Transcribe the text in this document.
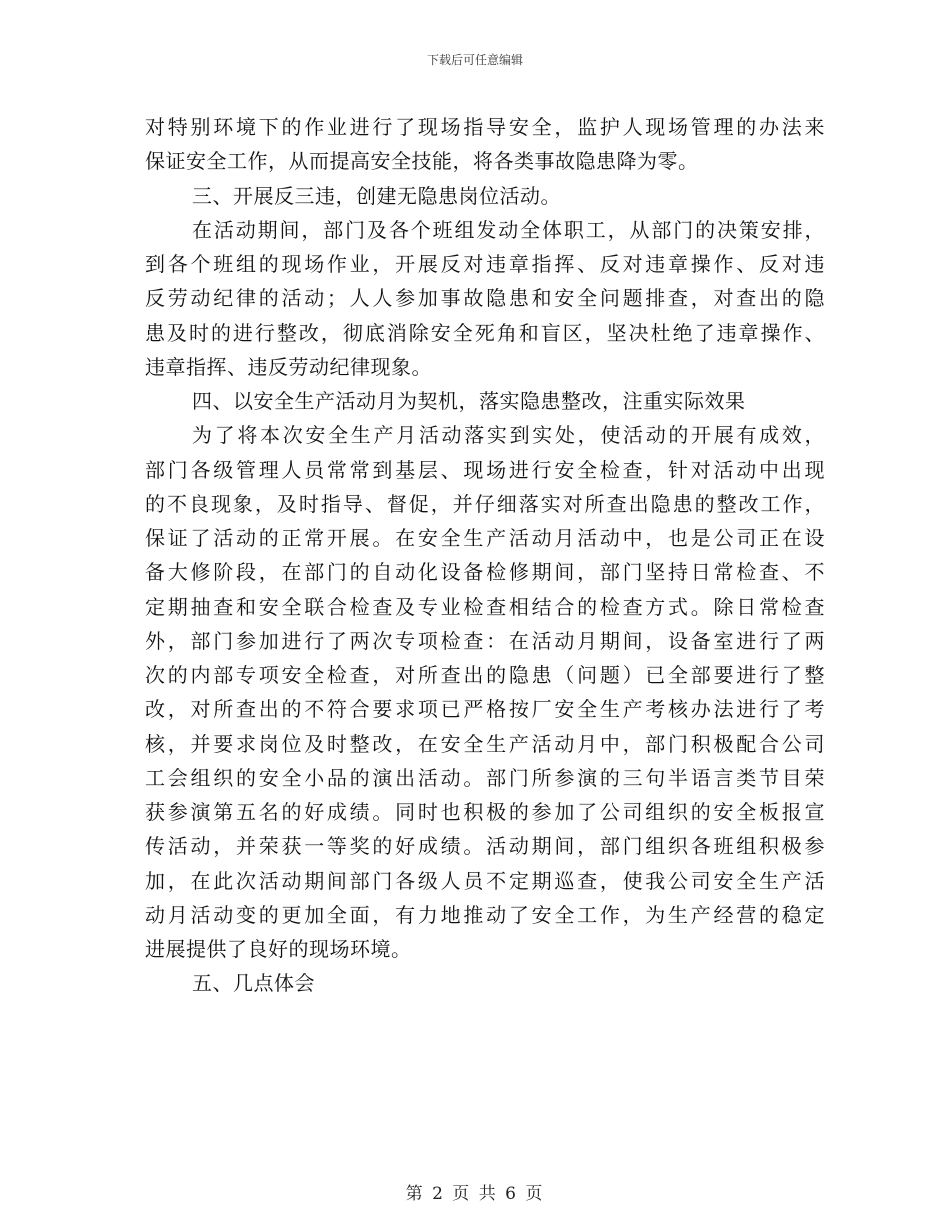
下载后可任意编辑
对特别环境下的作业进行了现场指导安全，监护人现场管理的办法来
保证安全工作，从而提高安全技能，将各类事故隐患降为零。
三、开展反三违，创建无隐患岗位活动。
在活动期间，部门及各个班组发动全体职工，从部门的决策安排，
到各个班组的现场作业，开展反对违章指挥、反对违章操作、反对违
反劳动纪律的活动；人人参加事故隐患和安全问题排查，对查出的隐
患及时的进行整改，彻底消除安全死角和盲区，坚决杜绝了违章操作、
违章指挥、违反劳动纪律现象。
四、以安全生产活动月为契机，落实隐患整改，注重实际效果
为了将本次安全生产月活动落实到实处，使活动的开展有成效，
部门各级管理人员常常到基层、现场进行安全检查，针对活动中出现
的不良现象，及时指导、督促，并仔细落实对所查出隐患的整改工作，
保证了活动的正常开展。在安全生产活动月活动中，也是公司正在设
备大修阶段，在部门的自动化设备检修期间，部门坚持日常检查、不
定期抽查和安全联合检查及专业检查相结合的检查方式。除日常检查
外，部门参加进行了两次专项检查：在活动月期间，设备室进行了两
次的内部专项安全检查，对所查出的隐患（问题）已全部要进行了整
改，对所查出的不符合要求项已严格按厂安全生产考核办法进行了考
核，并要求岗位及时整改，在安全生产活动月中，部门积极配合公司
工会组织的安全小品的演出活动。部门所参演的三句半语言类节目荣
获参演第五名的好成绩。同时也积极的参加了公司组织的安全板报宣
传活动，并荣获一等奖的好成绩。活动期间，部门组织各班组积极参
加，在此次活动期间部门各级人员不定期巡查，使我公司安全生产活
动月活动变的更加全面，有力地推动了安全工作，为生产经营的稳定
进展提供了良好的现场环境。
五、几点体会
第 2 页 共 6 页
